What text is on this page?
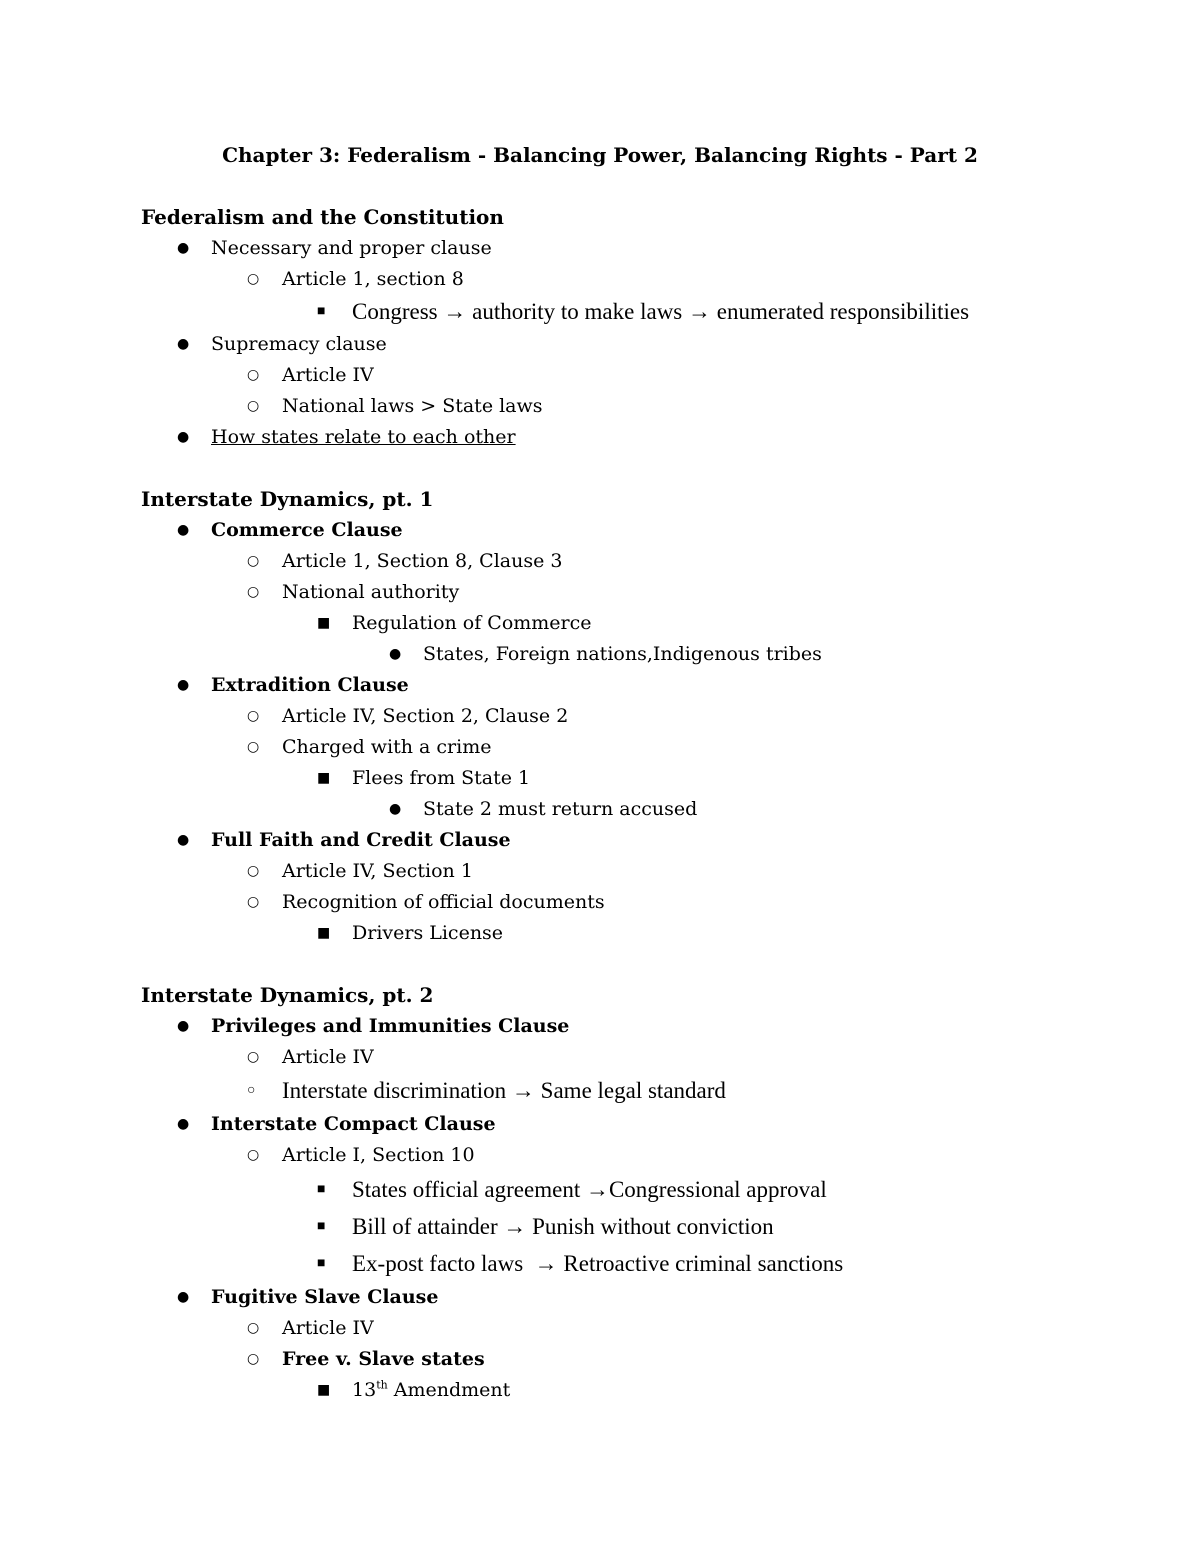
Chapter 3: Federalism - Balancing Power, Balancing Rights - Part 2

Federalism and the Constitution

● Necessary and proper clause
○ Article 1, section 8
■ Congress → authority to make laws → enumerated responsibilities
● Supremacy clause
○ Article IV
○ National laws > State laws
● How states relate to each other

Interstate Dynamics, pt. 1

● Commerce Clause
○ Article 1, Section 8, Clause 3
○ National authority
■ Regulation of Commerce
● States, Foreign nations,Indigenous tribes
● Extradition Clause
○ Article IV, Section 2, Clause 2
○ Charged with a crime
■ Flees from State 1
● State 2 must return accused
● Full Faith and Credit Clause
○ Article IV, Section 1
○ Recognition of official documents
■ Drivers License

Interstate Dynamics, pt. 2

● Privileges and Immunities Clause
○ Article IV
○ Interstate discrimination → Same legal standard
● Interstate Compact Clause
○ Article I, Section 10
■ States official agreement →Congressional approval
■ Bill of attainder → Punish without conviction
■ Ex-post facto laws  → Retroactive criminal sanctions
● Fugitive Slave Clause
○ Article IV
○ Free v. Slave states
■ 13th Amendment
